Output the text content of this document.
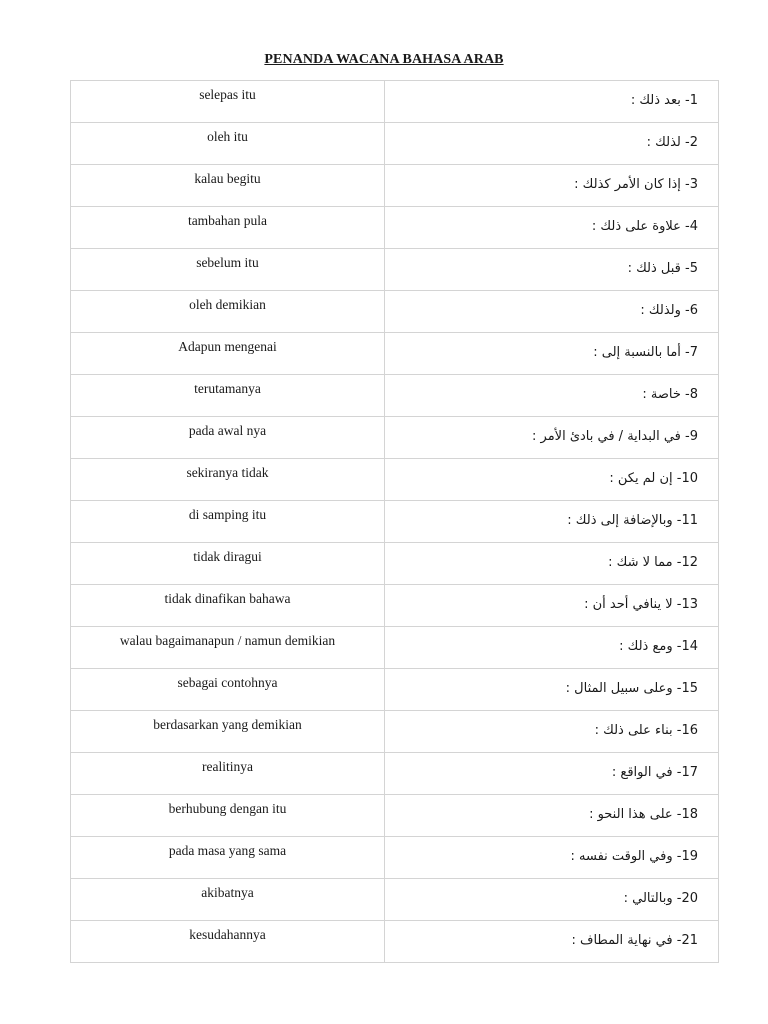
PENANDA WACANA BAHASA ARAB
selepas itu	1- بعد ذلك :
oleh itu	2- لذلك :
kalau begitu	3- إذا كان الأمر كذلك :
tambahan pula	4- علاوة على ذلك :
sebelum itu	5- قبل ذلك :
oleh demikian	6- ولذلك :
Adapun mengenai	7- أما بالنسبة إلى :
terutamanya	8- خاصة :
pada awal nya	9- في البداية / في بادئ الأمر :
sekiranya tidak	10- إن لم يكن :
di samping itu	11- وبالإضافة إلى ذلك :
tidak diragui	12- مما لا شك :
tidak dinafikan bahawa	13- لا ينافي أحد أن :
walau bagaimanapun / namun demikian	14- ومع ذلك :
sebagai contohnya	15- وعلى سبيل المثال :
berdasarkan yang demikian	16- بناء على ذلك :
realitinya	17- في الواقع :
berhubung dengan itu	18- على هذا النحو :
pada masa yang sama	19- وفي الوقت نفسه :
akibatnya	20- وبالتالي :
kesudahannya	21- في نهاية المطاف :
